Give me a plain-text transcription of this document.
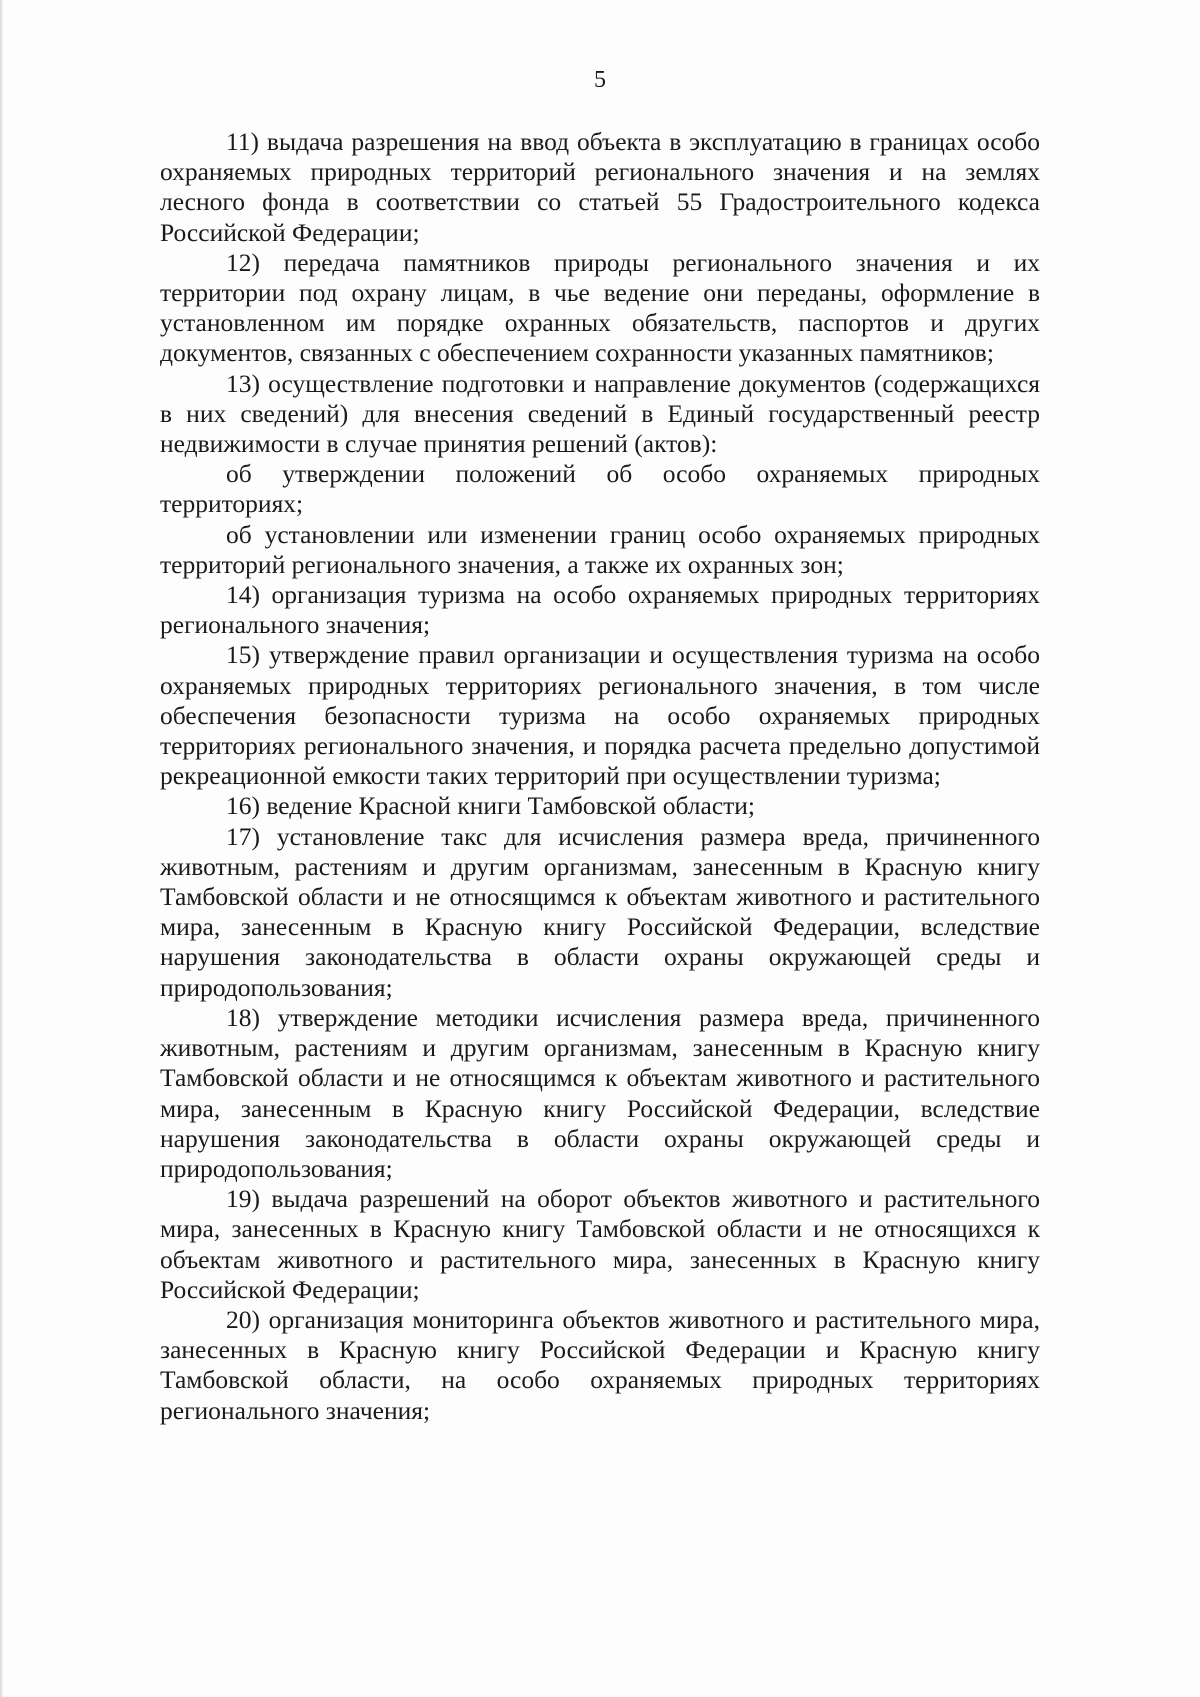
5

11) выдача разрешения на ввод объекта в эксплуатацию в границах особо охраняемых природных территорий регионального значения и на землях лесного фонда в соответствии со статьей 55 Градостроительного кодекса Российской Федерации;

12) передача памятников природы регионального значения и их территории под охрану лицам, в чье ведение они переданы, оформление в установленном им порядке охранных обязательств, паспортов и других документов, связанных с обеспечением сохранности указанных памятников;

13) осуществление подготовки и направление документов (содержащихся в них сведений) для внесения сведений в Единый государственный реестр недвижимости в случае принятия решений (актов):

об утверждении положений об особо охраняемых природных территориях;

об установлении или изменении границ особо охраняемых природных территорий регионального значения, а также их охранных зон;

14) организация туризма на особо охраняемых природных территориях регионального значения;

15) утверждение правил организации и осуществления туризма на особо охраняемых природных территориях регионального значения, в том числе обеспечения безопасности туризма на особо охраняемых природных территориях регионального значения, и порядка расчета предельно допустимой рекреационной емкости таких территорий при осуществлении туризма;

16) ведение Красной книги Тамбовской области;

17) установление такс для исчисления размера вреда, причиненного животным, растениям и другим организмам, занесенным в Красную книгу Тамбовской области и не относящимся к объектам животного и растительного мира, занесенным в Красную книгу Российской Федерации, вследствие нарушения законодательства в области охраны окружающей среды и природопользования;

18) утверждение методики исчисления размера вреда, причиненного животным, растениям и другим организмам, занесенным в Красную книгу Тамбовской области и не относящимся к объектам животного и растительного мира, занесенным в Красную книгу Российской Федерации, вследствие нарушения законодательства в области охраны окружающей среды и природопользования;

19) выдача разрешений на оборот объектов животного и растительного мира, занесенных в Красную книгу Тамбовской области и не относящихся к объектам животного и растительного мира, занесенных в Красную книгу Российской Федерации;

20) организация мониторинга объектов животного и растительного мира, занесенных в Красную книгу Российской Федерации и Красную книгу Тамбовской области, на особо охраняемых природных территориях регионального значения;
